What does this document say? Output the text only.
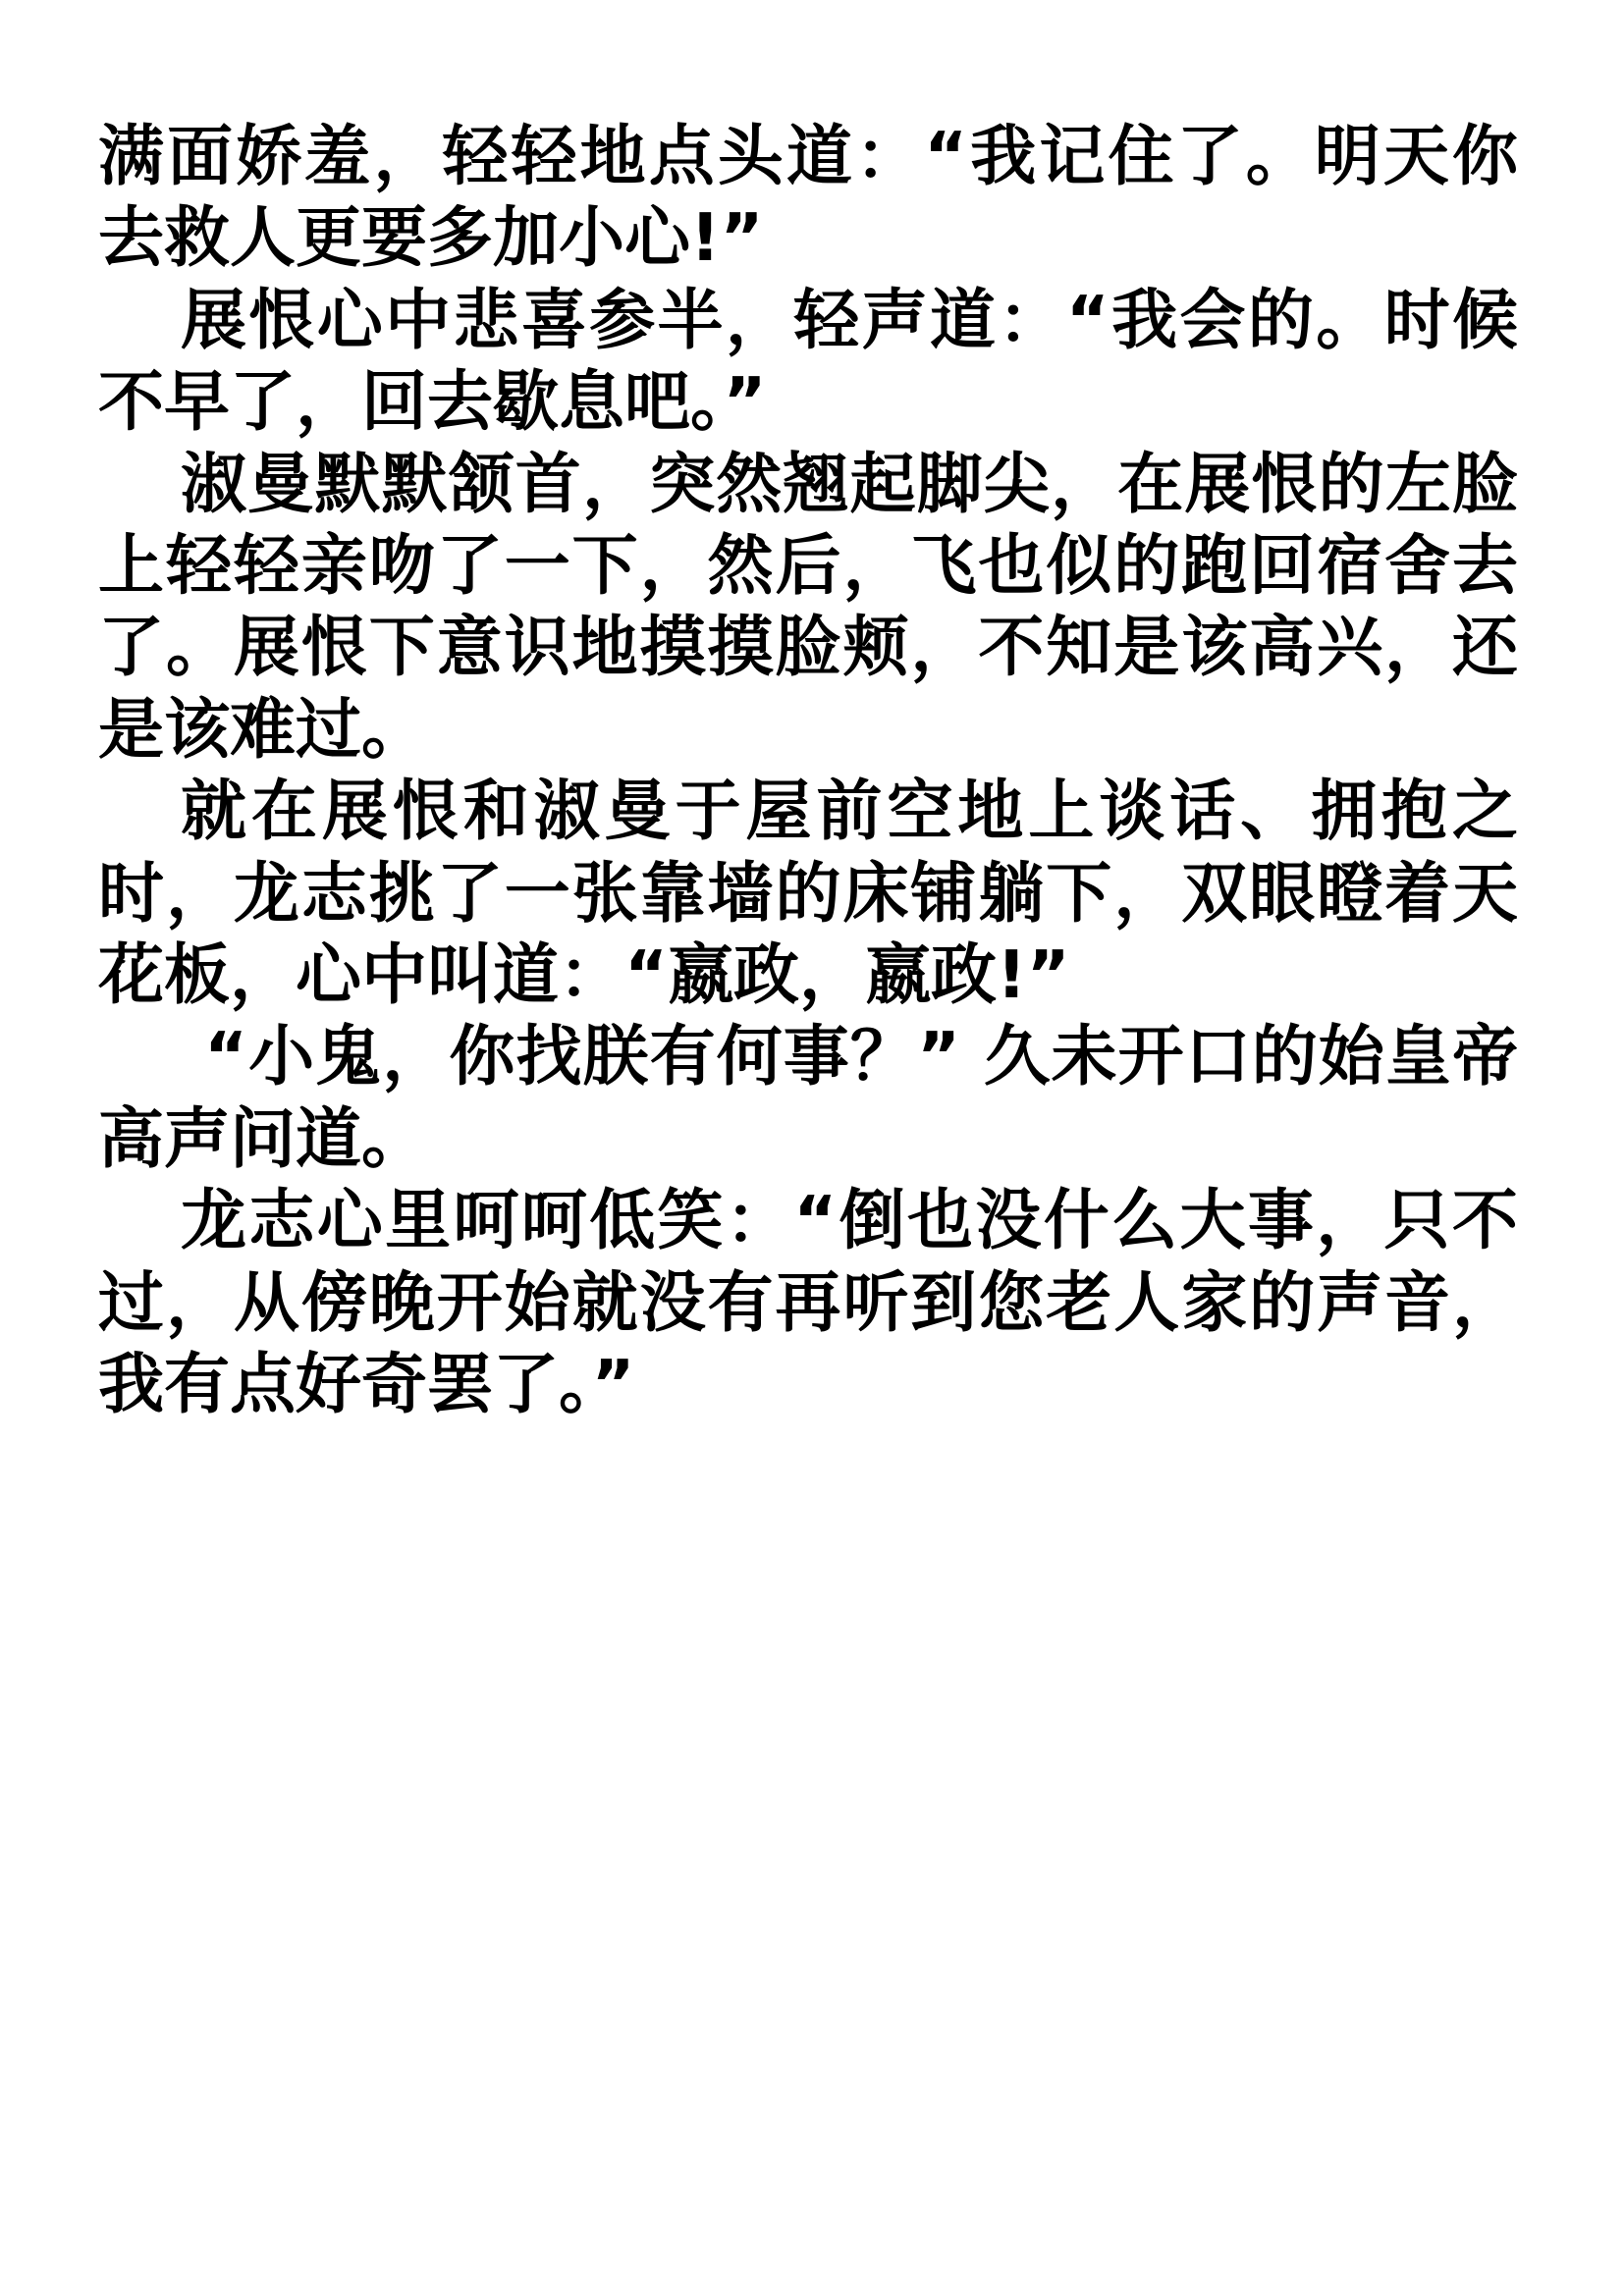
满面娇羞，轻轻地点头道：“我记住了。明天你去救人更要多加小心!”

展恨心中悲喜参半，轻声道：“我会的。时候不早了，回去歇息吧。”

淑曼默默颔首，突然翘起脚尖，在展恨的左脸上轻轻亲吻了一下，然后，飞也似的跑回宿舍去了。展恨下意识地摸摸脸颊，不知是该高兴，还是该难过。

就在展恨和淑曼于屋前空地上谈话、拥抱之时，龙志挑了一张靠墙的床铺躺下，双眼瞪着天花板，心中叫道：“嬴政，嬴政!”

“小鬼，你找朕有何事？” 久未开口的始皇帝高声问道。

龙志心里呵呵低笑：“倒也没什么大事，只不过，从傍晚开始就没有再听到您老人家的声音，我有点好奇罢了。”
